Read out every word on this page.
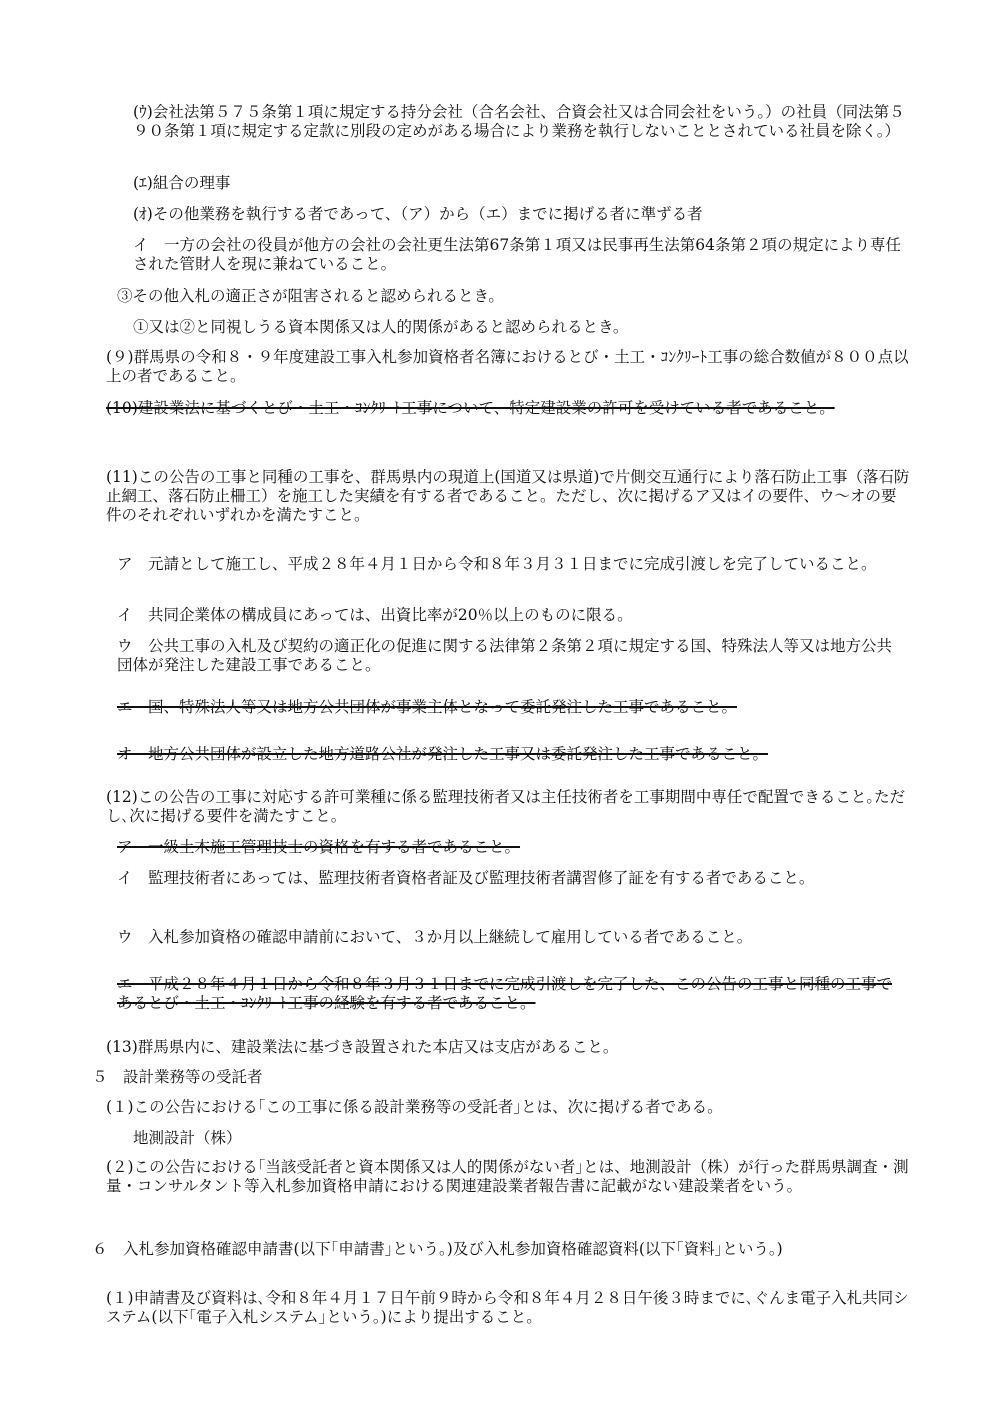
(ｳ)会社法第５７５条第１項に規定する持分会社（合名会社、合資会社又は合同会社をいう。）の社員（同法第５９０条第１項に規定する定款に別段の定めがある場合により業務を執行しないこととされている社員を除く。）

(ｴ)組合の理事

(ｵ)その他業務を執行する者であって、（ア）から（エ）までに掲げる者に準ずる者

イ　一方の会社の役員が他方の会社の会社更生法第67条第１項又は民事再生法第64条第２項の規定により専任された管財人を現に兼ねていること。

③その他入札の適正さが阻害されると認められるとき。

①又は②と同視しうる資本関係又は人的関係があると認められるとき。

(９)群馬県の令和８・９年度建設工事入札参加資格者名簿におけるとび・土工・ｺﾝｸﾘｰﾄ工事の総合数値が８００点以上の者であること。

(10)建設業法に基づくとび・土工・ｺﾝｸﾘｰﾄ工事について、特定建設業の許可を受けている者であること。

(11)この公告の工事と同種の工事を、群馬県内の現道上(国道又は県道)で片側交互通行により落石防止工事（落石防止網工、落石防止柵工）を施工した実績を有する者であること。ただし、次に掲げるア又はイの要件、ウ～オの要件のそれぞれいずれかを満たすこと。

ア　元請として施工し、平成２８年４月１日から令和８年３月３１日までに完成引渡しを完了していること。

イ　共同企業体の構成員にあっては、出資比率が20％以上のものに限る。

ウ　公共工事の入札及び契約の適正化の促進に関する法律第２条第２項に規定する国、特殊法人等又は地方公共団体が発注した建設工事であること。

エ　国、特殊法人等又は地方公共団体が事業主体となって委託発注した工事であること。

オ　地方公共団体が設立した地方道路公社が発注した工事又は委託発注した工事であること。

(12)この公告の工事に対応する許可業種に係る監理技術者又は主任技術者を工事期間中専任で配置できること｡ただし､次に掲げる要件を満たすこと。

ア　一級土木施工管理技士の資格を有する者であること。

イ　監理技術者にあっては、監理技術者資格者証及び監理技術者講習修了証を有する者であること。

ウ　入札参加資格の確認申請前において、３か月以上継続して雇用している者であること。

エ　平成２８年４月１日から令和８年３月３１日までに完成引渡しを完了した、この公告の工事と同種の工事であるとび・土工・ｺﾝｸﾘｰﾄ工事の経験を有する者であること。

(13)群馬県内に、建設業法に基づき設置された本店又は支店があること。

５　設計業務等の受託者

(１)この公告における｢この工事に係る設計業務等の受託者｣とは、次に掲げる者である。

地測設計（株）

(２)この公告における｢当該受託者と資本関係又は人的関係がない者｣とは、地測設計（株）が行った群馬県調査・測量・コンサルタント等入札参加資格申請における関連建設業者報告書に記載がない建設業者をいう。

６　入札参加資格確認申請書(以下｢申請書｣という｡)及び入札参加資格確認資料(以下｢資料｣という｡)

(１)申請書及び資料は､令和８年４月１７日午前９時から令和８年４月２８日午後３時までに､ぐんま電子入札共同システム(以下｢電子入札システム｣という｡)により提出すること。
